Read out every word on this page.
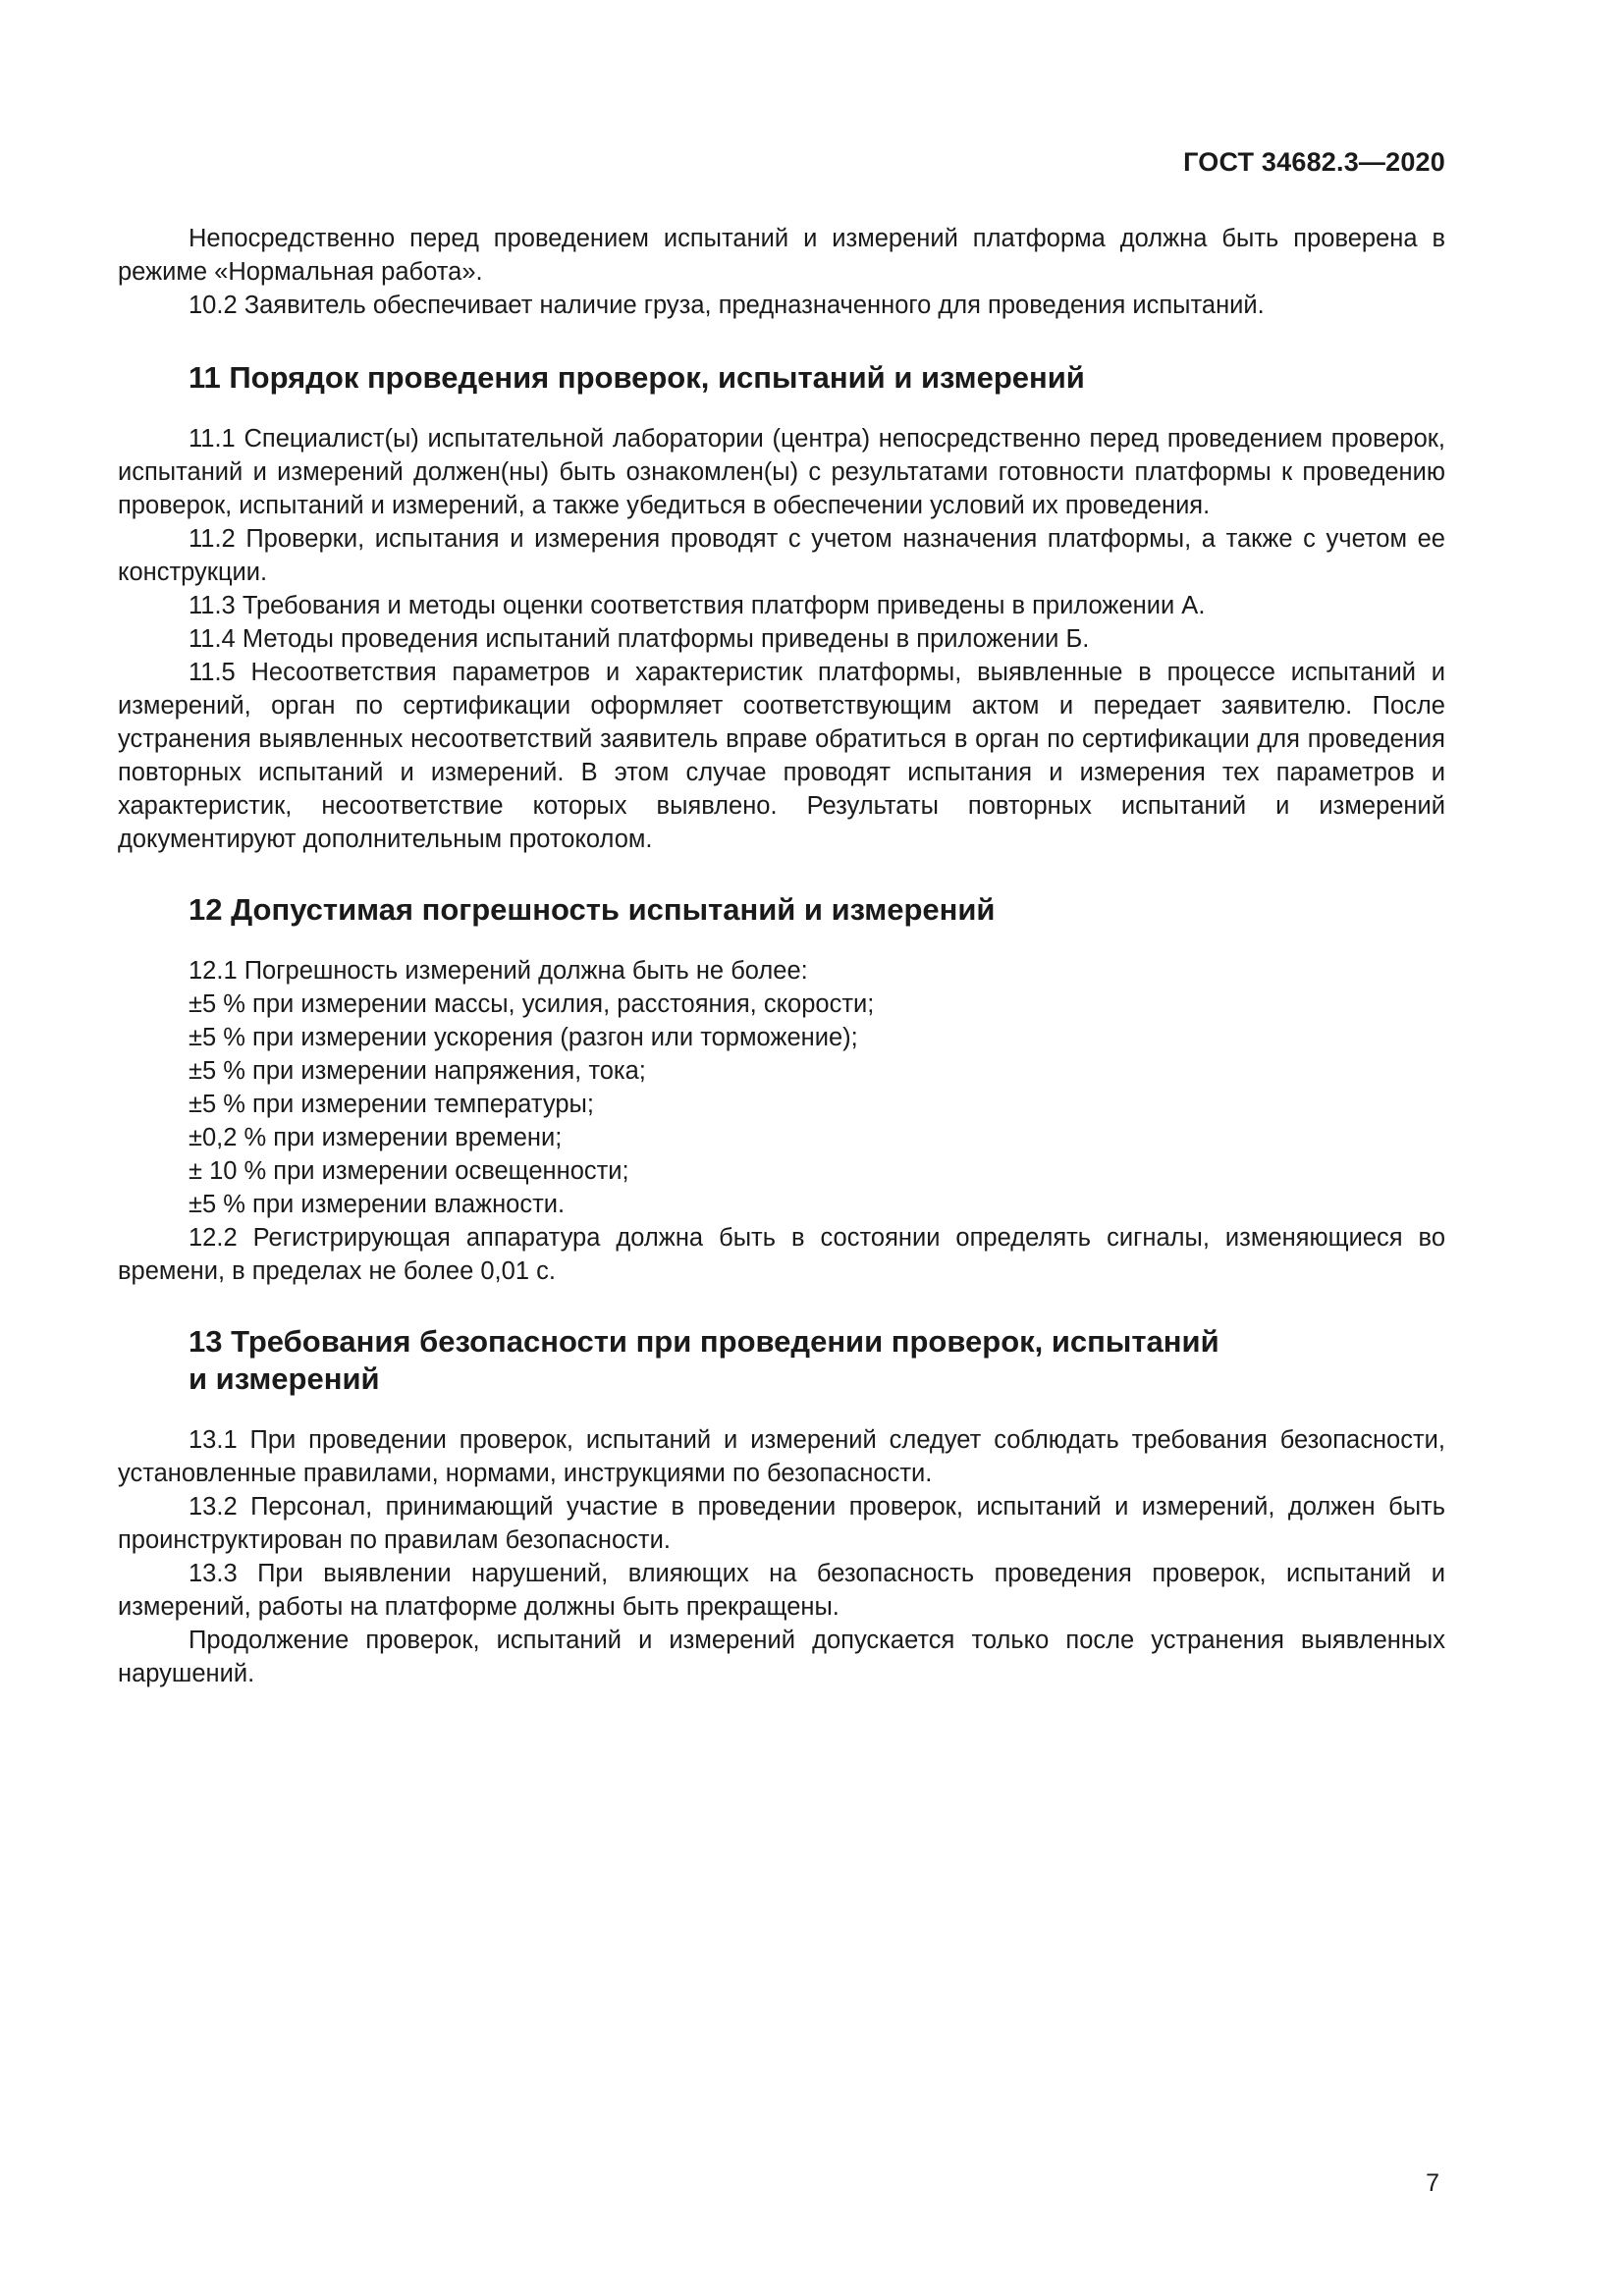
ГОСТ 34682.3—2020

Непосредственно перед проведением испытаний и измерений платформа должна быть проверена в режиме «Нормальная работа».

10.2 Заявитель обеспечивает наличие груза, предназначенного для проведения испытаний.

11 Порядок проведения проверок, испытаний и измерений

11.1 Специалист(ы) испытательной лаборатории (центра) непосредственно перед проведением проверок, испытаний и измерений должен(ны) быть ознакомлен(ы) с результатами готовности платформы к проведению проверок, испытаний и измерений, а также убедиться в обеспечении условий их проведения.

11.2 Проверки, испытания и измерения проводят с учетом назначения платформы, а также с учетом ее конструкции.

11.3 Требования и методы оценки соответствия платформ приведены в приложении А.

11.4 Методы проведения испытаний платформы приведены в приложении Б.

11.5 Несоответствия параметров и характеристик платформы, выявленные в процессе испытаний и измерений, орган по сертификации оформляет соответствующим актом и передает заявителю. После устранения выявленных несоответствий заявитель вправе обратиться в орган по сертификации для проведения повторных испытаний и измерений. В этом случае проводят испытания и измерения тех параметров и характеристик, несоответствие которых выявлено. Результаты повторных испытаний и измерений документируют дополнительным протоколом.

12 Допустимая погрешность испытаний и измерений

12.1 Погрешность измерений должна быть не более:

±5 % при измерении массы, усилия, расстояния, скорости;

±5 % при измерении ускорения (разгон или торможение);

±5 % при измерении напряжения, тока;

±5 % при измерении температуры;

±0,2 % при измерении времени;

± 10 % при измерении освещенности;

±5 % при измерении влажности.

12.2 Регистрирующая аппаратура должна быть в состоянии определять сигналы, изменяющиеся во времени, в пределах не более 0,01 с.

13 Требования безопасности при проведении проверок, испытаний
и измерений

13.1 При проведении проверок, испытаний и измерений следует соблюдать требования безопасности, установленные правилами, нормами, инструкциями по безопасности.

13.2 Персонал, принимающий участие в проведении проверок, испытаний и измерений, должен быть проинструктирован по правилам безопасности.

13.3 При выявлении нарушений, влияющих на безопасность проведения проверок, испытаний и измерений, работы на платформе должны быть прекращены.

Продолжение проверок, испытаний и измерений допускается только после устранения выявленных нарушений.

7
